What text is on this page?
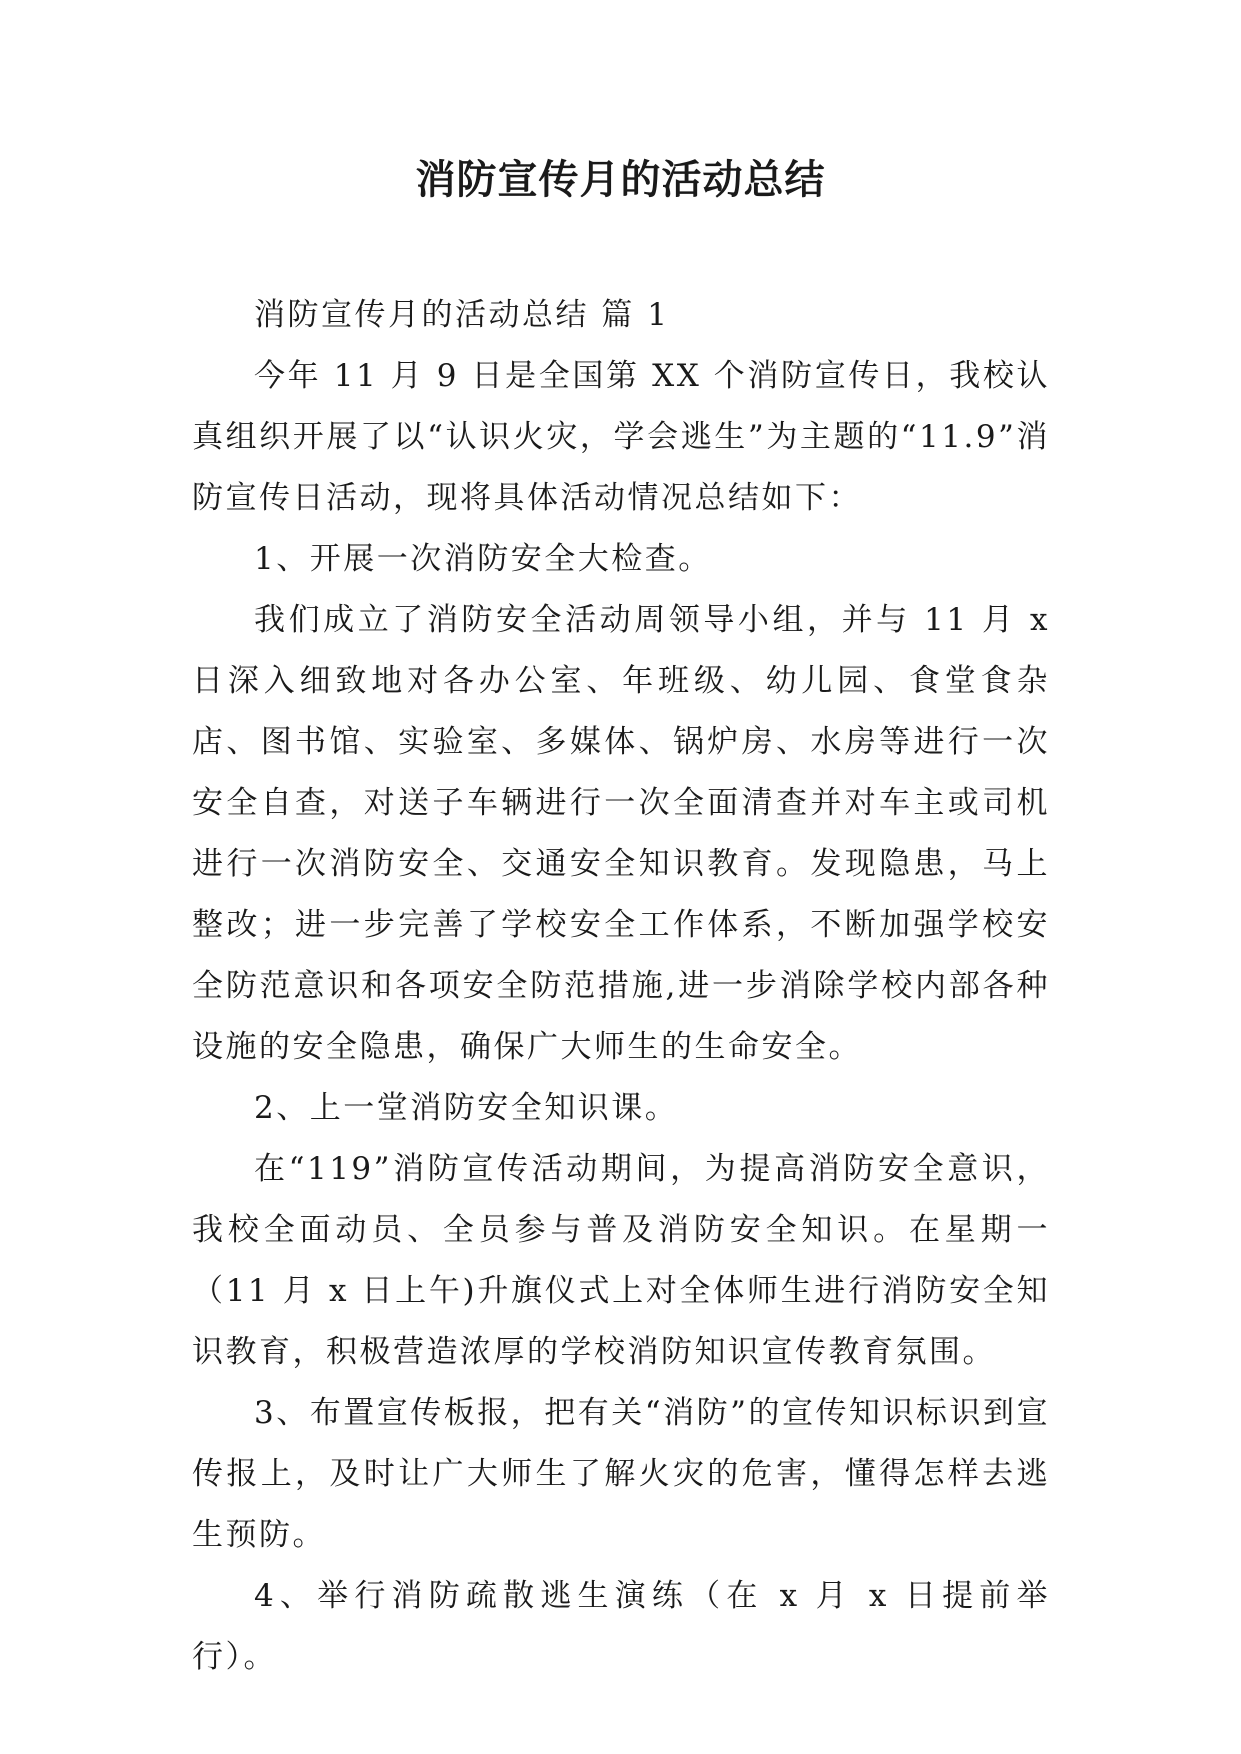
消防宣传月的活动总结

消防宣传月的活动总结 篇 1

今年 11 月 9 日是全国第 XX 个消防宣传日，我校认真组织开展了以“认识火灾，学会逃生”为主题的“11.9”消防宣传日活动，现将具体活动情况总结如下：

1、开展一次消防安全大检查。

我们成立了消防安全活动周领导小组，并与 11 月 x 日深入细致地对各办公室、年班级、幼儿园、食堂食杂店、图书馆、实验室、多媒体、锅炉房、水房等进行一次安全自查，对送子车辆进行一次全面清查并对车主或司机进行一次消防安全、交通安全知识教育。发现隐患，马上整改；进一步完善了学校安全工作体系，不断加强学校安全防范意识和各项安全防范措施,进一步消除学校内部各种设施的安全隐患，确保广大师生的生命安全。

2、上一堂消防安全知识课。

在“119”消防宣传活动期间，为提高消防安全意识，我校全面动员、全员参与普及消防安全知识。在星期一（11 月 x 日上午)升旗仪式上对全体师生进行消防安全知识教育，积极营造浓厚的学校消防知识宣传教育氛围。

3、布置宣传板报，把有关“消防”的宣传知识标识到宣传报上，及时让广大师生了解火灾的危害，懂得怎样去逃生预防。

4、举行消防疏散逃生演练（在 x 月 x 日提前举行）。
